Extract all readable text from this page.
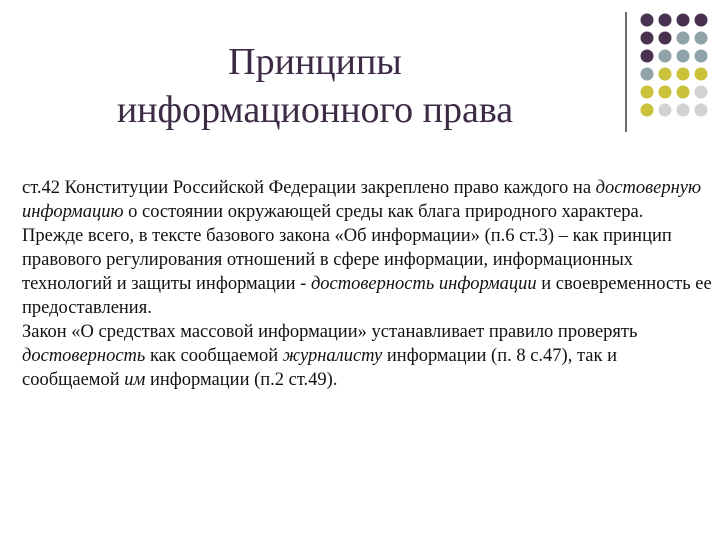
Принципы
информационного права

ст.42 Конституции Российской Федерации закреплено право каждого на достоверную информацию о состоянии окружающей среды как блага природного характера.

Прежде всего, в тексте базового закона «Об информации» (п.6 ст.3) – как принцип правового регулирования отношений в сфере информации, информационных технологий и защиты информации - достоверность информации и своевременность ее предоставления.

Закон «О средствах массовой информации» устанавливает правило проверять достоверность как сообщаемой журналисту информации (п. 8 с.47), так и сообщаемой им информации (п.2 ст.49).
